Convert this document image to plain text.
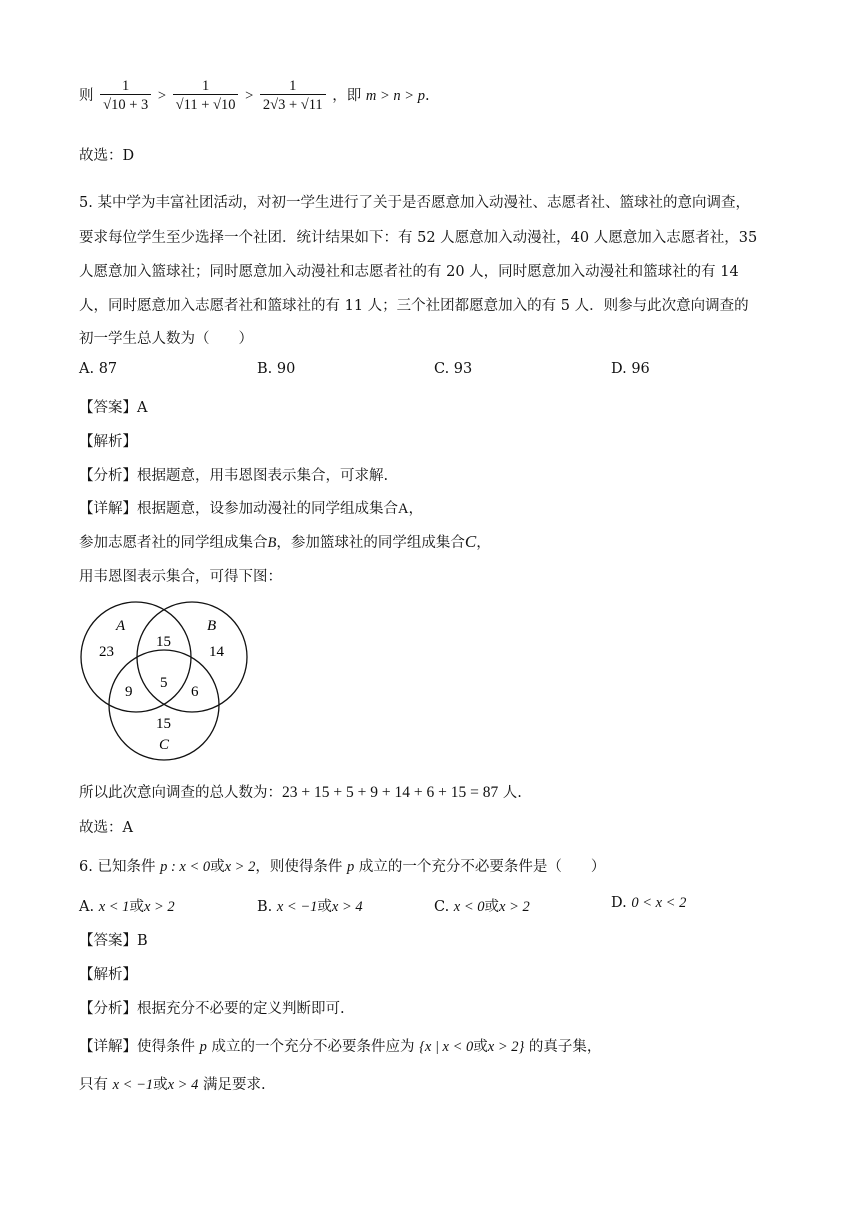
则 $\frac{1}{√10 + 3} > \frac{1}{√11 + √10} > \frac{1}{2√3 + √11}$ ，即 m > n > p.
故选：D
5. 某中学为丰富社团活动，对初一学生进行了关于是否愿意加入动漫社、志愿者社、篮球社的意向调查，
要求每位学生至少选择一个社团．统计结果如下：有 52 人愿意加入动漫社，40 人愿意加入志愿者社，35
人愿意加入篮球社；同时愿意加入动漫社和志愿者社的有 20 人，同时愿意加入动漫社和篮球社的有 14
人，同时愿意加入志愿者社和篮球社的有 11 人；三个社团都愿意加入的有 5 人．则参与此次意向调查的
初一学生总人数为（　　）
A. 87	B. 90	C. 93	D. 96
【答案】A
【解析】
【分析】根据题意，用韦恩图表示集合，可求解.
【详解】根据题意，设参加动漫社的同学组成集合A，
参加志愿者社的同学组成集合B，参加篮球社的同学组成集合C，
用韦恩图表示集合，可得下图：
A	B
C
23
15
14
5
9	6
15
所以此次意向调查的总人数为：23 + 15 + 5 + 9 + 14 + 6 + 15 = 87 人.
故选：A
6. 已知条件 p : x < 0或x > 2，则使得条件 p 成立的一个充分不必要条件是（　　）
A. x < 1或x > 2	B. x < −1或x > 4	C. x < 0或x > 2	D. 0 < x < 2
【答案】B
【解析】
【分析】根据充分不必要的定义判断即可.
【详解】使得条件 p 成立的一个充分不必要条件应为 {x | x < 0或x > 2} 的真子集，
只有 x < −1或x > 4 满足要求.
